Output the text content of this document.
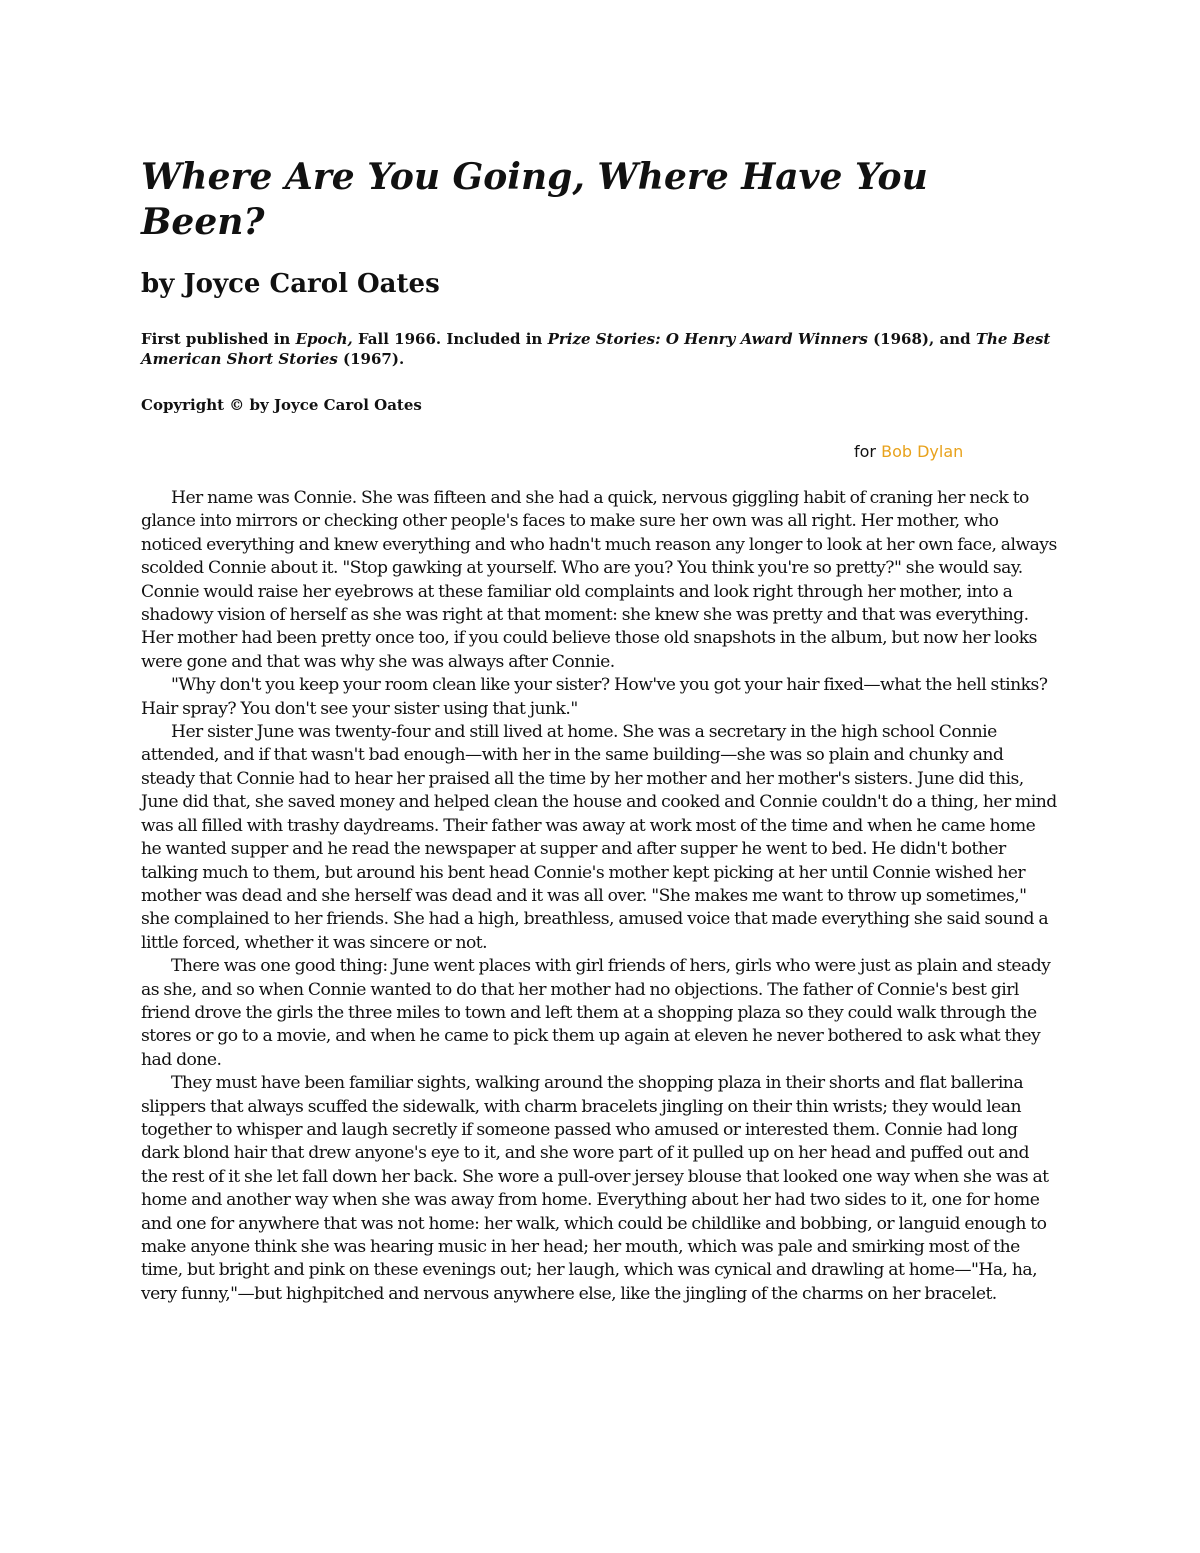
Where Are You Going, Where Have You Been?
by Joyce Carol Oates
First published in Epoch, Fall 1966. Included in Prize Stories: O Henry Award Winners (1968), and The Best American Short Stories (1967).
Copyright © by Joyce Carol Oates
for Bob Dylan

Her name was Connie. She was fifteen and she had a quick, nervous giggling habit of craning her neck to glance into mirrors or checking other people's faces to make sure her own was all right. Her mother, who noticed everything and knew everything and who hadn't much reason any longer to look at her own face, always scolded Connie about it. "Stop gawking at yourself. Who are you? You think you're so pretty?" she would say. Connie would raise her eyebrows at these familiar old complaints and look right through her mother, into a shadowy vision of herself as she was right at that moment: she knew she was pretty and that was everything. Her mother had been pretty once too, if you could believe those old snapshots in the album, but now her looks were gone and that was why she was always after Connie.

"Why don't you keep your room clean like your sister? How've you got your hair fixed—what the hell stinks? Hair spray? You don't see your sister using that junk."

Her sister June was twenty-four and still lived at home. She was a secretary in the high school Connie attended, and if that wasn't bad enough—with her in the same building—she was so plain and chunky and steady that Connie had to hear her praised all the time by her mother and her mother's sisters. June did this, June did that, she saved money and helped clean the house and cooked and Connie couldn't do a thing, her mind was all filled with trashy daydreams. Their father was away at work most of the time and when he came home he wanted supper and he read the newspaper at supper and after supper he went to bed. He didn't bother talking much to them, but around his bent head Connie's mother kept picking at her until Connie wished her mother was dead and she herself was dead and it was all over. "She makes me want to throw up sometimes," she complained to her friends. She had a high, breathless, amused voice that made everything she said sound a little forced, whether it was sincere or not.

There was one good thing: June went places with girl friends of hers, girls who were just as plain and steady as she, and so when Connie wanted to do that her mother had no objections. The father of Connie's best girl friend drove the girls the three miles to town and left them at a shopping plaza so they could walk through the stores or go to a movie, and when he came to pick them up again at eleven he never bothered to ask what they had done.

They must have been familiar sights, walking around the shopping plaza in their shorts and flat ballerina slippers that always scuffed the sidewalk, with charm bracelets jingling on their thin wrists; they would lean together to whisper and laugh secretly if someone passed who amused or interested them. Connie had long dark blond hair that drew anyone's eye to it, and she wore part of it pulled up on her head and puffed out and the rest of it she let fall down her back. She wore a pull-over jersey blouse that looked one way when she was at home and another way when she was away from home. Everything about her had two sides to it, one for home and one for anywhere that was not home: her walk, which could be childlike and bobbing, or languid enough to make anyone think she was hearing music in her head; her mouth, which was pale and smirking most of the time, but bright and pink on these evenings out; her laugh, which was cynical and drawling at home—"Ha, ha, very funny,"—but highpitched and nervous anywhere else, like the jingling of the charms on her bracelet.
